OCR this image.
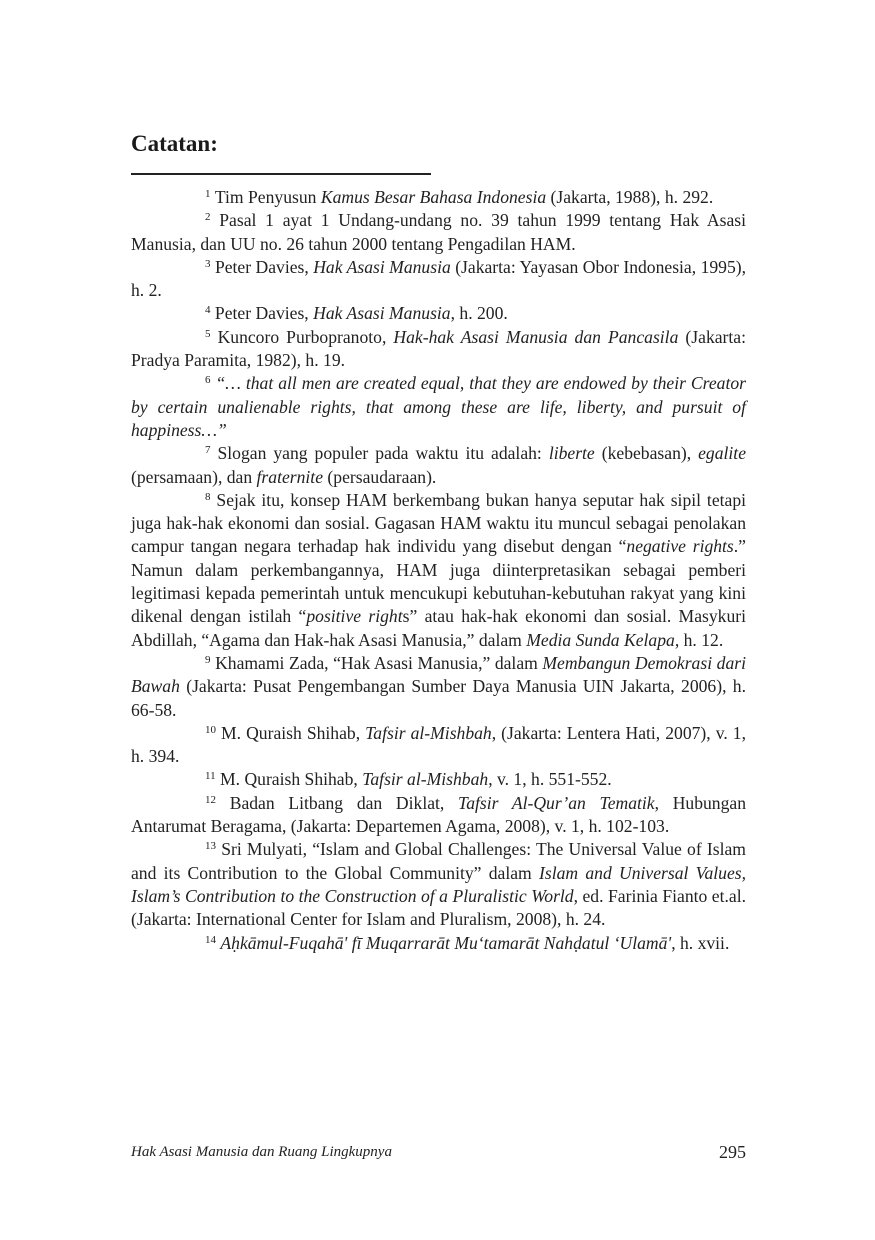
Catatan:

$^1$ Tim Penyusun Kamus Besar Bahasa Indonesia (Jakarta, 1988), h. 292.

$^2$ Pasal 1 ayat 1 Undang-undang no. 39 tahun 1999 tentang Hak Asasi Manusia, dan UU no. 26 tahun 2000 tentang Pengadilan HAM.

$^3$ Peter Davies, Hak Asasi Manusia (Jakarta: Yayasan Obor Indonesia, 1995), h. 2.

$^4$ Peter Davies, Hak Asasi Manusia, h. 200.

$^5$ Kuncoro Purbopranoto, Hak-hak Asasi Manusia dan Pancasila (Jakarta: Pradya Paramita, 1982), h. 19.

$^6$ “… that all men are created equal, that they are endowed by their Creator by certain unalienable rights, that among these are life, liberty, and pursuit of happiness…”

$^7$ Slogan yang populer pada waktu itu adalah: liberte (kebebasan), egalite (persamaan), dan fraternite (persaudaraan).

$^8$ Sejak itu, konsep HAM berkembang bukan hanya seputar hak sipil tetapi juga hak-hak ekonomi dan sosial. Gagasan HAM waktu itu muncul sebagai penolakan campur tangan negara terhadap hak individu yang disebut dengan “negative rights.” Namun dalam perkembangannya, HAM juga diinterpretasikan sebagai pemberi legitimasi kepada pemerintah untuk mencukupi kebutuhan-kebutuhan rakyat yang kini dikenal dengan istilah “positive rights” atau hak-hak ekonomi dan sosial. Masykuri Abdillah, “Agama dan Hak-hak Asasi Manusia,” dalam Media Sunda Kelapa, h. 12.

$^9$ Khamami Zada, “Hak Asasi Manusia,” dalam Membangun Demokrasi dari Bawah (Jakarta: Pusat Pengembangan Sumber Daya Manusia UIN Jakarta, 2006), h. 66-58.

$^{10}$ M. Quraish Shihab, Tafsir al-Mishbah, (Jakarta: Lentera Hati, 2007), v. 1, h. 394.

$^{11}$ M. Quraish Shihab, Tafsir al-Mishbah, v. 1, h. 551-552.

$^{12}$ Badan Litbang dan Diklat, Tafsir Al-Qur’an Tematik, Hubungan Antarumat Beragama, (Jakarta: Departemen Agama, 2008), v. 1, h. 102-103.

$^{13}$ Sri Mulyati, “Islam and Global Challenges: The Universal Value of Islam and its Contribution to the Global Community” dalam Islam and Universal Values, Islam’s Contribution to the Construction of a Pluralistic World, ed. Farinia Fianto et.al. (Jakarta: International Center for Islam and Pluralism, 2008), h. 24.

$^{14}$ Aḥkāmul-Fuqahā' fī Muqarrarāt Mu‘tamarāt Nahḍatul ‘Ulamā', h. xvii.

Hak Asasi Manusia dan Ruang Lingkupnya	295
